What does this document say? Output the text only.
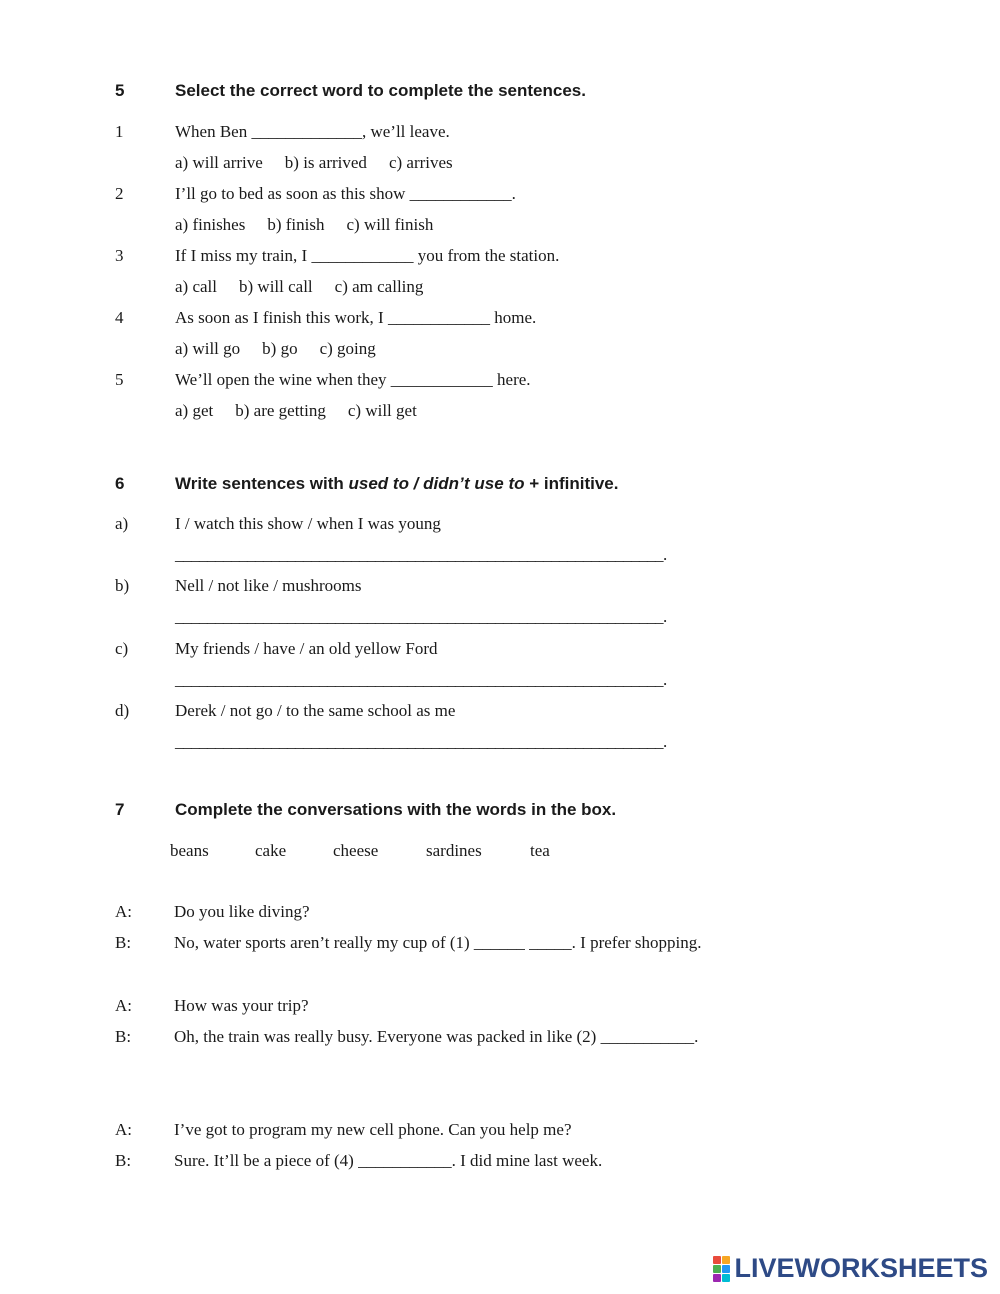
5	Select the correct word to complete the sentences.
1	When Ben _____________, we’ll leave.
a) will arrive b) is arrived c) arrives
2	I’ll go to bed as soon as this show ____________.
a) finishes b) finish c) will finish
3	If I miss my train, I ____________ you from the station.
a) call b) will call c) am calling
4	As soon as I finish this work, I ____________ home.
a) will go b) go c) going
5	We’ll open the wine when they ____________ here.
a) get b) are getting c) will get
6	Write sentences with used to / didn’t use to + infinitive.
a)	I / watch this show / when I was young
_____________________________________________________________.
b)	Nell / not like / mushrooms
_____________________________________________________________.
c)	My friends / have / an old yellow Ford
_____________________________________________________________.
d)	Derek / not go / to the same school as me
_____________________________________________________________.
7	Complete the conversations with the words in the box.
beans	cake	cheese	sardines	tea
A: Do you like diving?
B:	No, water sports aren’t really my cup of (1) ______ _____. I prefer shopping.
A: How was your trip?
B:	Oh, the train was really busy. Everyone was packed in like (2) ___________.
A: I’ve got to program my new cell phone. Can you help me?
B:	Sure. It’ll be a piece of (4) ___________. I did mine last week.
LIVEWORKSHEETS
